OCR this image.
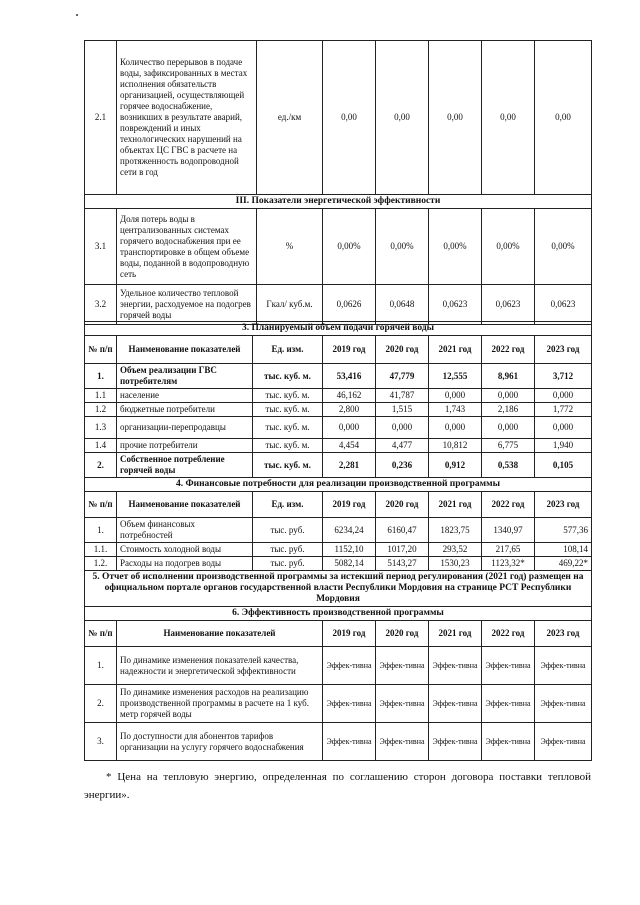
2.1	Количество перерывов в подаче воды, зафиксированных в местах исполнения обязательств организацией, осуществляющей горячее водоснабжение, возникших в результате аварий, повреждений и иных технологических нарушений на объектах ЦС ГВС в расчете на протяженность водопроводной сети в год	ед./км	0,00	0,00	0,00	0,00	0,00
III. Показатели энергетической эффективности							
3.1	Доля потерь воды в централизованных системах горячего водоснабжения при ее транспортировке в общем объеме воды, поданной в водопроводную сеть	%	0,00%	0,00%	0,00%	0,00%	0,00%
3.2	Удельное количество тепловой энергии, расходуемое на подогрев горячей воды	Гкал/ куб.м.	0,0626	0,0648	0,0623	0,0623	0,0623
3. Планируемый объем подачи горячей воды							
№ п/п	Наименование показателей	Ед. изм.	2019 год	2020 год	2021 год	2022 год	2023 год
1.	Объем реализации ГВС потребителям	тыс. куб. м.	53,416	47,779	12,555	8,961	3,712
1.1	население	тыс. куб. м.	46,162	41,787	0,000	0,000	0,000
1.2	бюджетные потребители	тыс. куб. м.	2,800	1,515	1,743	2,186	1,772
1.3	организации-перепродавцы	тыс. куб. м.	0,000	0,000	0,000	0,000	0,000
1.4	прочие потребители	тыс. куб. м.	4,454	4,477	10,812	6,775	1,940
2.	Собственное потребление горячей воды	тыс. куб. м.	2,281	0,236	0,912	0,538	0,105
4. Финансовые потребности для реализации производственной программы							
№ п/п	Наименование показателей	Ед. изм.	2019 год	2020 год	2021 год	2022 год	2023 год
1.	Объем финансовых потребностей	тыс. руб.	6234,24	6160,47	1823,75	1340,97	577,36
1.1.	Стоимость холодной воды	тыс. руб.	1152,10	1017,20	293,52	217,65	108,14
1.2.	Расходы на подогрев воды	тыс. руб.	5082,14	5143,27	1530,23	1123,32*	469,22*
5. Отчет об исполнении производственной программы за истекший период регулирования (2021 год) размещен на официальном портале органов государственной власти Республики Мордовия на странице РСТ Республики Мордовия							
6. Эффективность производственной программы							
№ п/п	Наименование показателей		2019 год	2020 год	2021 год	2022 год	2023 год
1.	По динамике изменения показателей качества, надежности и энергетической эффективности		Эффек-тивна	Эффек-тивна	Эффек-тивна	Эффек-тивна	Эффек-тивна
2.	По динамике изменения расходов на реализацию производственной программы в расчете на 1 куб. метр горячей воды		Эффек-тивна	Эффек-тивна	Эффек-тивна	Эффек-тивна	Эффек-тивна
3.	По доступности для абонентов тарифов организации на услугу горячего водоснабжения		Эффек-тивна	Эффек-тивна	Эффек-тивна	Эффек-тивна	Эффек-тивна
* Цена на тепловую энергию, определенная по соглашению сторон договора поставки тепловой энергии».
